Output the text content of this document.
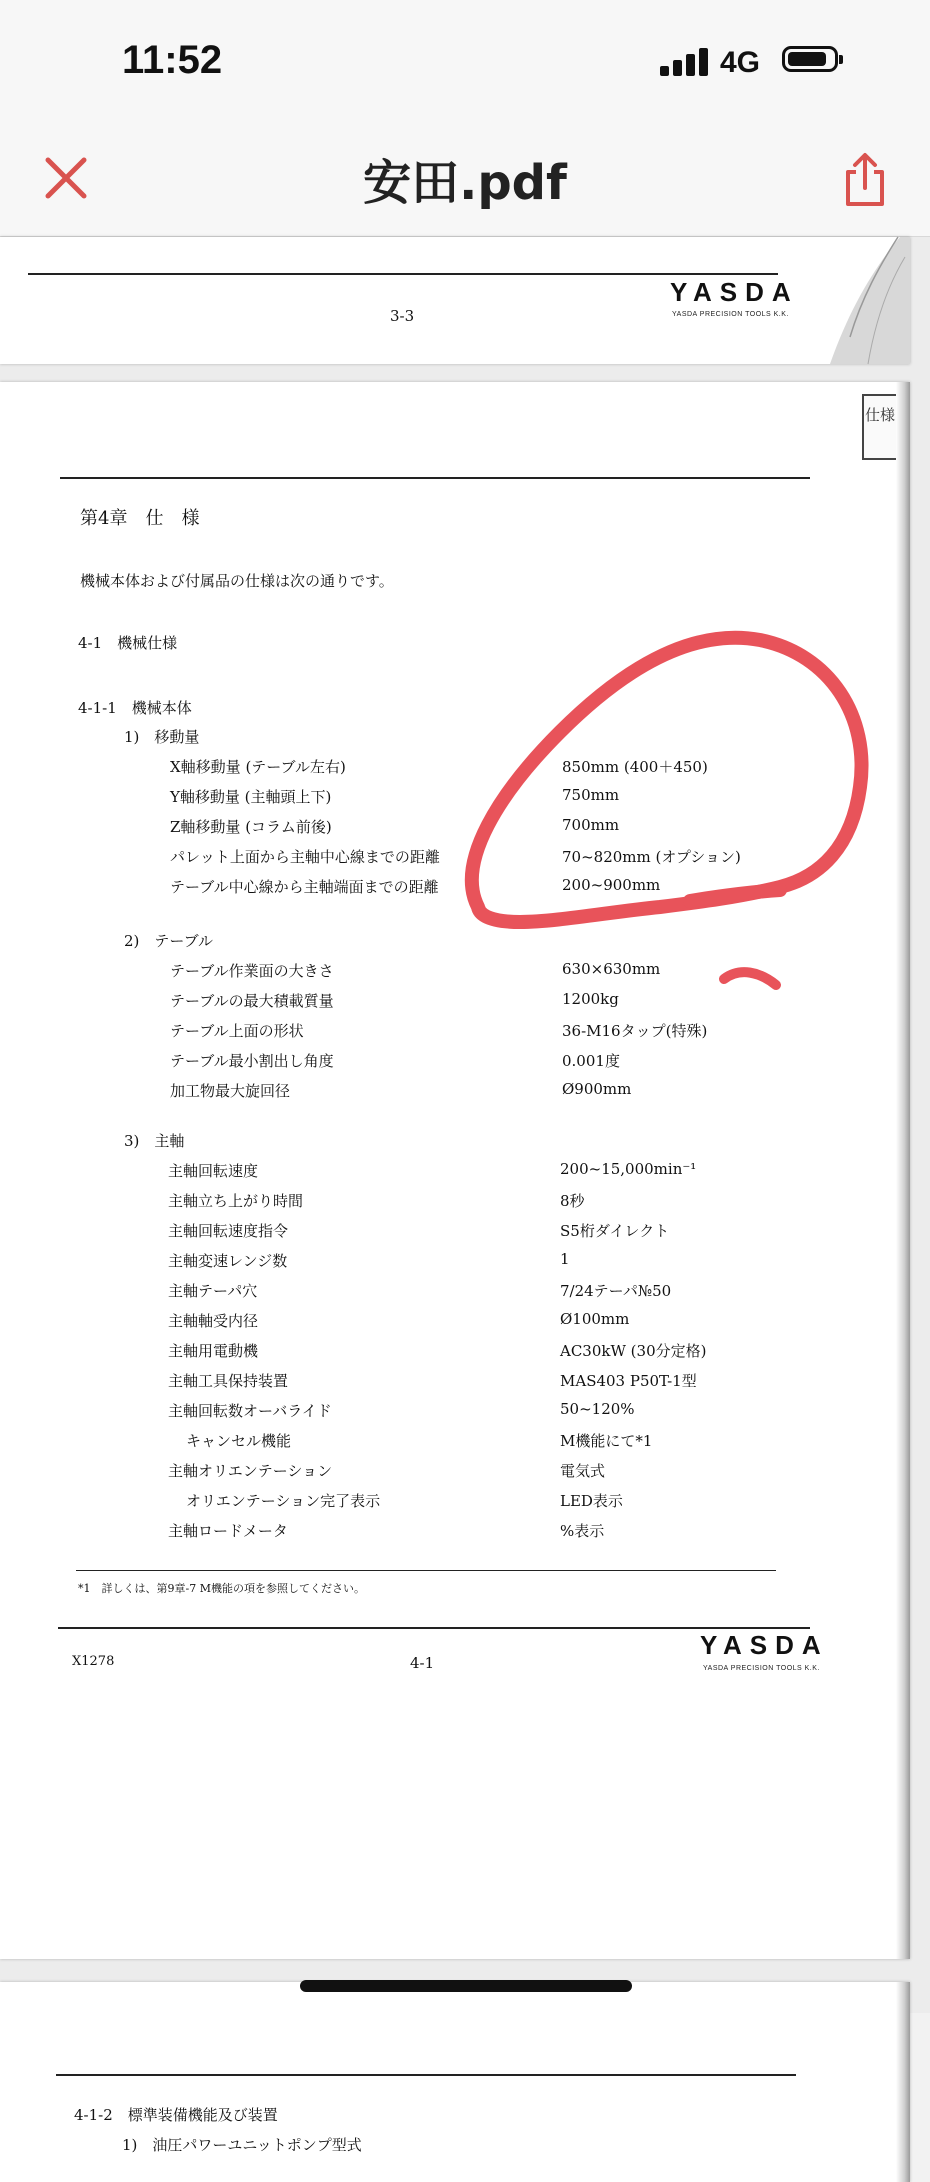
11:52	4G
安田.pdf
3-3
YASDA
YASDA PRECISION TOOLS K.K.
仕様
第4章　仕　様
機械本体および付属品の仕様は次の通りです。
4-1　機械仕様
4-1-1　機械本体
1)　移動量
X軸移動量 (テーブル左右)	850mm (400＋450)
Y軸移動量 (主軸頭上下)	750mm
Z軸移動量 (コラム前後)	700mm
パレット上面から主軸中心線までの距離	70~820mm (オプション)
テーブル中心線から主軸端面までの距離	200~900mm
2)　テーブル
テーブル作業面の大きさ	630×630mm
テーブルの最大積載質量	1200kg
テーブル上面の形状	36-M16タップ(特殊)
テーブル最小割出し角度	0.001度
加工物最大旋回径	Ø900mm
3)　主軸
主軸回転速度	200~15,000min⁻¹
主軸立ち上がり時間	8秒
主軸回転速度指令	S5桁ダイレクト
主軸変速レンジ数	1
主軸テーパ穴	7/24テーパ№50
主軸軸受内径	Ø100mm
主軸用電動機	AC30kW (30分定格)
主軸工具保持装置	MAS403 P50T-1型
主軸回転数オーバライド	50~120%
キャンセル機能	M機能にて*1
主軸オリエンテーション	電気式
オリエンテーション完了表示	LED表示
主軸ロードメータ	%表示
*1　詳しくは、第9章-7 M機能の項を参照してください。
X1278	4-1
YASDA
YASDA PRECISION TOOLS K.K.
4-1-2　標準装備機能及び装置
1)　油圧パワーユニットポンプ型式
